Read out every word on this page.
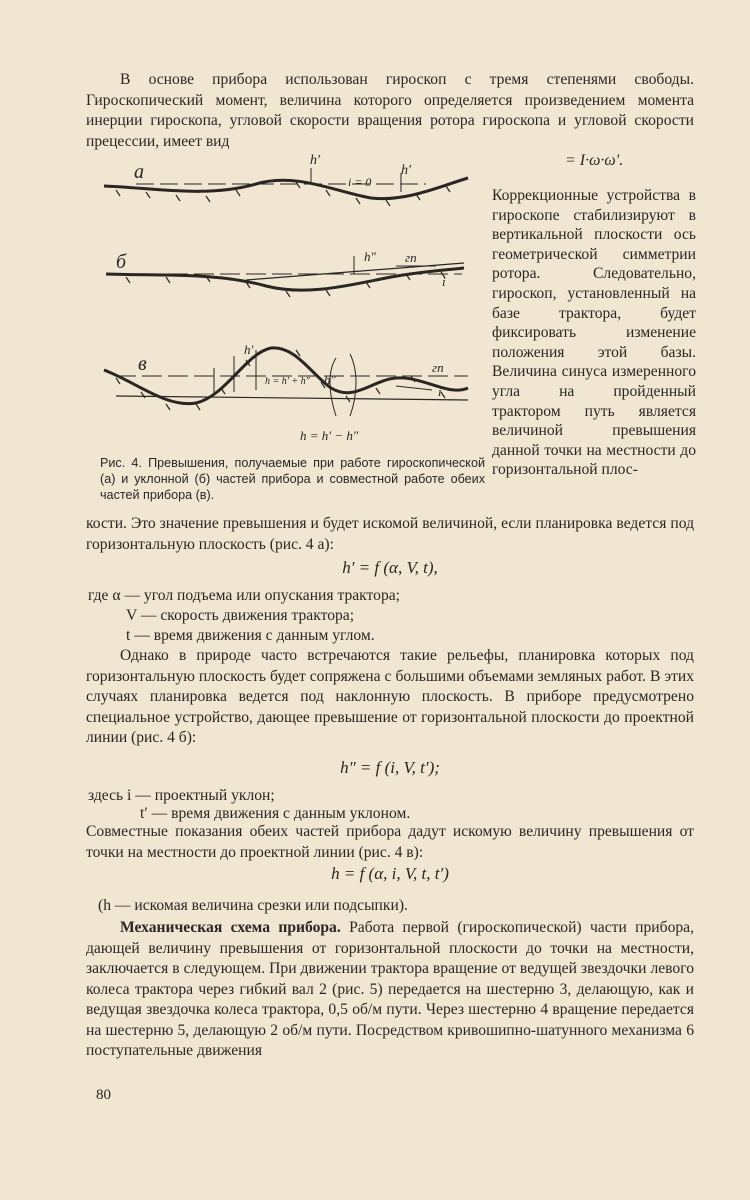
В основе прибора использован гироскоп с тремя степенями свободы. Гироскопический момент, величина которого определяется произведением момента инерции гироскопа, угловой скорости вращения ротора гироскопа и угловой скорости прецессии, имеет вид

= I·ω·ω′.
а
h′
i = 0
h′
б	h″ гп
i
в
h′
h = h′ + h″ h″
гп
i
h = h′ − h″

Коррекционные устройства в гироскопе стабилизируют в вертикальной плоскости ось геометрической симметрии ротора. Следовательно, гироскоп, установленный на базе трактора, будет фиксировать изменение положения этой базы. Величина синуса измеренного угла на пройденный трактором путь является величиной превышения данной точки на местности до горизонтальной плос-

Рис. 4. Превышения, получаемые при работе гироскопической (а) и уклонной (б) частей прибора и совместной работе обеих частей прибора (в).

кости. Это значение превышения и будет искомой величиной, если планировка ведется под горизонтальную плоскость (рис. 4 а):

h′ = f (α, V, t),

где α — угол подъема или опускания трактора;

V — скорость движения трактора;

t — время движения с данным углом.

Однако в природе часто встречаются такие рельефы, планировка которых под горизонтальную плоскость будет сопряжена с большими объемами земляных работ. В этих случаях планировка ведется под наклонную плоскость. В приборе предусмотрено специальное устройство, дающее превышение от горизонтальной плоскости до проектной линии (рис. 4 б):

h″ = f (i, V, t′);

здесь i — проектный уклон;

t′ — время движения с данным уклоном.

Совместные показания обеих частей прибора дадут искомую величину превышения от точки на местности до проектной линии (рис. 4 в):

h = f (α, i, V, t, t′)

(h — искомая величина срезки или подсыпки).

Механическая схема прибора. Работа первой (гироскопической) части прибора, дающей величину превышения от горизонтальной плоскости до точки на местности, заключается в следующем. При движении трактора вращение от ведущей звездочки левого колеса трактора через гибкий вал 2 (рис. 5) передается на шестерню 3, делающую, как и ведущая звездочка колеса трактора, 0,5 об/м пути. Через шестерню 4 вращение передается на шестерню 5, делающую 2 об/м пути. Посредством кривошипно-шатунного механизма 6 поступательные движения

80
